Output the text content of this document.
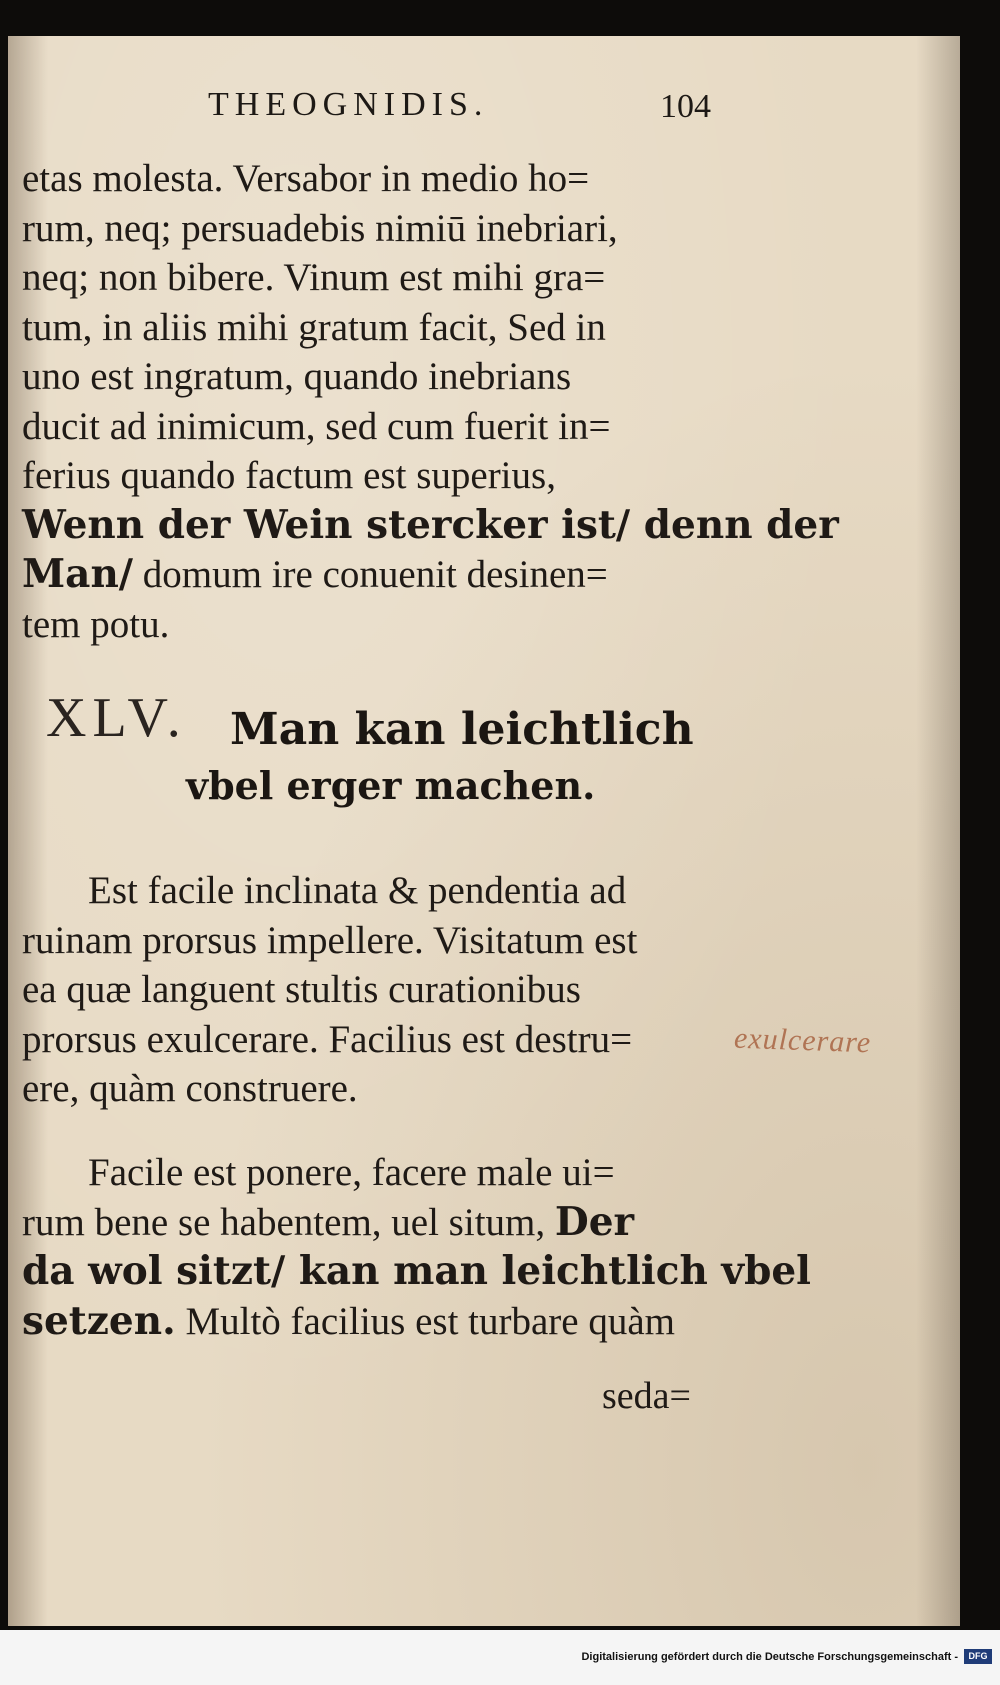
THEOGNIDIS.	104
etas molesta. Versabor in medio ho=
rum, neq; persuadebis nimiū inebriari,
neq; non bibere. Vinum est mihi gra=
tum, in aliis mihi gratum facit, Sed in
uno est ingratum, quando inebrians
ducit ad inimicum, sed cum fuerit in=
ferius quando factum est superius,
Wenn der Wein stercker ist/ denn der
Man/ domum ire conuenit desinen=
tem potu.
XLV. Man kan leichtlich
vbel erger machen.
Est facile inclinata & pendentia ad
ruinam prorsus impellere. Visitatum est
ea quæ languent stultis curationibus
prorsus exulcerare. Facilius est destru=
ere, quàm construere.
exulcerare
Facile est ponere, facere male ui=
rum bene se habentem, uel situm, Der
da wol sitzt/ kan man leichtlich vbel
setzen. Multò facilius est turbare quàm
seda=
Digitalisierung gefördert durch die Deutsche Forschungsgemeinschaft -	DFG
